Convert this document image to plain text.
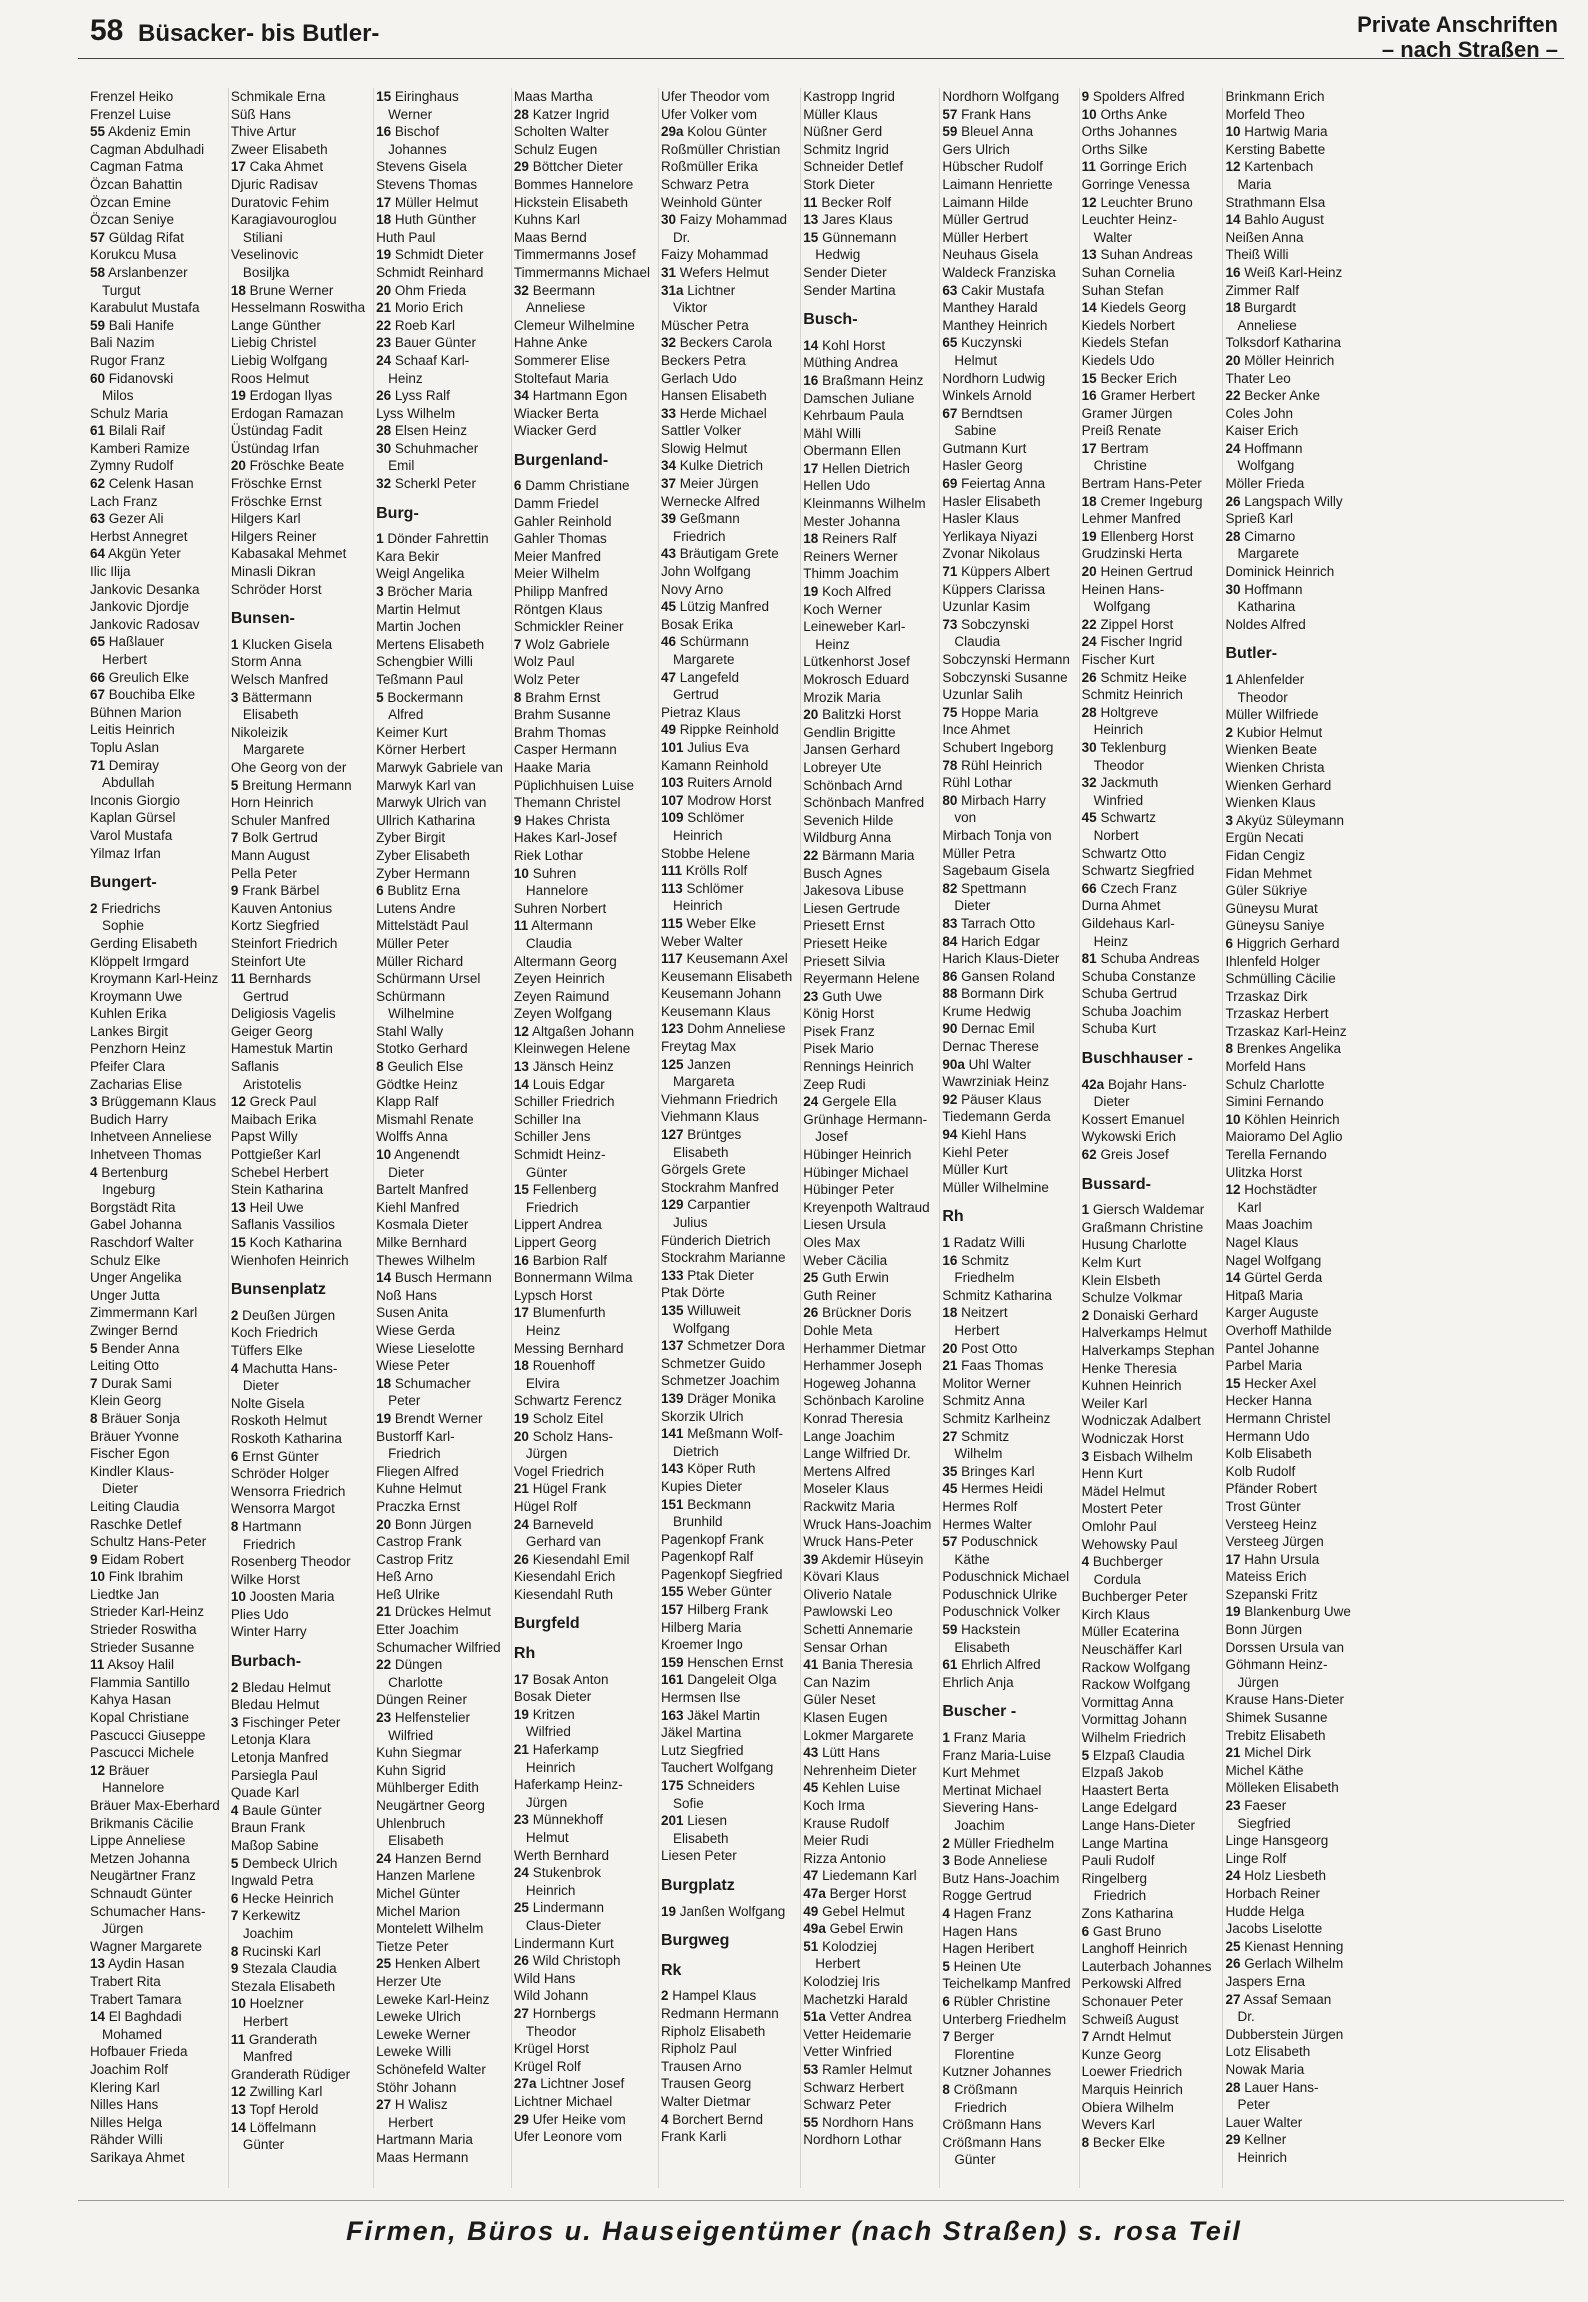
58 Büsacker- bis Butler-	Private Anschriften
– nach Straßen –
Frenzel Heiko
Frenzel Luise
55 Akdeniz Emin
Cagman Abdulhadi
Cagman Fatma
Özcan Bahattin
Özcan Emine
Özcan Seniye
57 Güldag Rifat
Korukcu Musa
58 Arslanbenzer
Turgut
Karabulut Mustafa
59 Bali Hanife
Bali Nazim
Rugor Franz
60 Fidanovski
Milos
Schulz Maria
61 Bilali Raif
Kamberi Ramize
Zymny Rudolf
62 Celenk Hasan
Lach Franz
63 Gezer Ali
Herbst Annegret
64 Akgün Yeter
Ilic Ilija
Jankovic Desanka
Jankovic Djordje
Jankovic Radosav
65 Haßlauer
Herbert
66 Greulich Elke
67 Bouchiba Elke
Bühnen Marion
Leitis Heinrich
Toplu Aslan
71 Demiray
Abdullah
Inconis Giorgio
Kaplan Gürsel
Varol Mustafa
Yilmaz Irfan
Bungert-
2 Friedrichs
Sophie
Gerding Elisabeth
Klöppelt Irmgard
Kroymann Karl-Heinz
Kroymann Uwe
Kuhlen Erika
Lankes Birgit
Penzhorn Heinz
Pfeifer Clara
Zacharias Elise
3 Brüggemann Klaus
Budich Harry
Inhetveen Anneliese
Inhetveen Thomas
4 Bertenburg
Ingeburg
Borgstädt Rita
Gabel Johanna
Raschdorf Walter
Schulz Elke
Unger Angelika
Unger Jutta
Zimmermann Karl
Zwinger Bernd
5 Bender Anna
Leiting Otto
7 Durak Sami
Klein Georg
8 Bräuer Sonja
Bräuer Yvonne
Fischer Egon
Kindler Klaus-
Dieter
Leiting Claudia
Raschke Detlef
Schultz Hans-Peter
9 Eidam Robert
10 Fink Ibrahim
Liedtke Jan
Strieder Karl-Heinz
Strieder Roswitha
Strieder Susanne
11 Aksoy Halil
Flammia Santillo
Kahya Hasan
Kopal Christiane
Pascucci Giuseppe
Pascucci Michele
12 Bräuer
Hannelore
Bräuer Max-Eberhard
Brikmanis Cäcilie
Lippe Anneliese
Metzen Johanna
Neugärtner Franz
Schnaudt Günter
Schumacher Hans-
Jürgen
Wagner Margarete
13 Aydin Hasan
Trabert Rita
Trabert Tamara
14 El Baghdadi
Mohamed
Hofbauer Frieda
Joachim Rolf
Klering Karl
Nilles Hans
Nilles Helga
Rähder Willi
Sarikaya Ahmet
Schmikale Erna
Süß Hans
Thive Artur
Zweer Elisabeth
17 Caka Ahmet
Djuric Radisav
Duratovic Fehim
Karagiavouroglou
Stiliani
Veselinovic
Bosiljka
18 Brune Werner
Hesselmann Roswitha
Lange Günther
Liebig Christel
Liebig Wolfgang
Roos Helmut
19 Erdogan Ilyas
Erdogan Ramazan
Üstündag Fadit
Üstündag Irfan
20 Fröschke Beate
Fröschke Ernst
Fröschke Ernst
Hilgers Karl
Hilgers Reiner
Kabasakal Mehmet
Minasli Dikran
Schröder Horst
Bunsen-
1 Klucken Gisela
Storm Anna
Welsch Manfred
3 Bättermann
Elisabeth
Nikoleizik
Margarete
Ohe Georg von der
5 Breitung Hermann
Horn Heinrich
Schuler Manfred
7 Bolk Gertrud
Mann August
Pella Peter
9 Frank Bärbel
Kauven Antonius
Kortz Siegfried
Steinfort Friedrich
Steinfort Ute
11 Bernhards
Gertrud
Deligiosis Vagelis
Geiger Georg
Hamestuk Martin
Saflanis
Aristotelis
12 Greck Paul
Maibach Erika
Papst Willy
Pottgießer Karl
Schebel Herbert
Stein Katharina
13 Heil Uwe
Saflanis Vassilios
15 Koch Katharina
Wienhofen Heinrich
Bunsenplatz
2 Deußen Jürgen
Koch Friedrich
Tüffers Elke
4 Machutta Hans-
Dieter
Nolte Gisela
Roskoth Helmut
Roskoth Katharina
6 Ernst Günter
Schröder Holger
Wensorra Friedrich
Wensorra Margot
8 Hartmann
Friedrich
Rosenberg Theodor
Wilke Horst
10 Joosten Maria
Plies Udo
Winter Harry
Burbach-
2 Bledau Helmut
Bledau Helmut
3 Fischinger Peter
Letonja Klara
Letonja Manfred
Parsiegla Paul
Quade Karl
4 Baule Günter
Braun Frank
Maßop Sabine
5 Dembeck Ulrich
Ingwald Petra
6 Hecke Heinrich
7 Kerkewitz
Joachim
8 Rucinski Karl
9 Stezala Claudia
Stezala Elisabeth
10 Hoelzner
Herbert
11 Granderath
Manfred
Granderath Rüdiger
12 Zwilling Karl
13 Topf Herold
14 Löffelmann
Günter
15 Eiringhaus
Werner
16 Bischof
Johannes
Stevens Gisela
Stevens Thomas
17 Müller Helmut
18 Huth Günther
Huth Paul
19 Schmidt Dieter
Schmidt Reinhard
20 Ohm Frieda
21 Morio Erich
22 Roeb Karl
23 Bauer Günter
24 Schaaf Karl-
Heinz
26 Lyss Ralf
Lyss Wilhelm
28 Elsen Heinz
30 Schuhmacher
Emil
32 Scherkl Peter
Burg-
1 Dönder Fahrettin
Kara Bekir
Weigl Angelika
3 Bröcher Maria
Martin Helmut
Martin Jochen
Mertens Elisabeth
Schengbier Willi
Teßmann Paul
5 Bockermann
Alfred
Keimer Kurt
Körner Herbert
Marwyk Gabriele van
Marwyk Karl van
Marwyk Ulrich van
Ullrich Katharina
Zyber Birgit
Zyber Elisabeth
Zyber Hermann
6 Bublitz Erna
Lutens Andre
Mittelstädt Paul
Müller Peter
Müller Richard
Schürmann Ursel
Schürmann
Wilhelmine
Stahl Wally
Stotko Gerhard
8 Geulich Else
Gödtke Heinz
Klapp Ralf
Mismahl Renate
Wolffs Anna
10 Angenendt
Dieter
Bartelt Manfred
Kiehl Manfred
Kosmala Dieter
Milke Bernhard
Thewes Wilhelm
14 Busch Hermann
Noß Hans
Susen Anita
Wiese Gerda
Wiese Lieselotte
Wiese Peter
18 Schumacher
Peter
19 Brendt Werner
Bustorff Karl-
Friedrich
Fliegen Alfred
Kuhne Helmut
Praczka Ernst
20 Bonn Jürgen
Castrop Frank
Castrop Fritz
Heß Arno
Heß Ulrike
21 Drückes Helmut
Etter Joachim
Schumacher Wilfried
22 Düngen
Charlotte
Düngen Reiner
23 Helfenstelier
Wilfried
Kuhn Siegmar
Kuhn Sigrid
Mühlberger Edith
Neugärtner Georg
Uhlenbruch
Elisabeth
24 Hanzen Bernd
Hanzen Marlene
Michel Günter
Michel Marion
Montelett Wilhelm
Tietze Peter
25 Henken Albert
Herzer Ute
Leweke Karl-Heinz
Leweke Ulrich
Leweke Werner
Leweke Willi
Schönefeld Walter
Stöhr Johann
27 H Walisz
Herbert
Hartmann Maria
Maas Hermann
Maas Martha
28 Katzer Ingrid
Scholten Walter
Schulz Eugen
29 Böttcher Dieter
Bommes Hannelore
Hickstein Elisabeth
Kuhns Karl
Maas Bernd
Timmermanns Josef
Timmermanns Michael
32 Beermann
Anneliese
Clemeur Wilhelmine
Hahne Anke
Sommerer Elise
Stoltefaut Maria
34 Hartmann Egon
Wiacker Berta
Wiacker Gerd
Burgenland-
6 Damm Christiane
Damm Friedel
Gahler Reinhold
Gahler Thomas
Meier Manfred
Meier Wilhelm
Philipp Manfred
Röntgen Klaus
Schmickler Reiner
7 Wolz Gabriele
Wolz Paul
Wolz Peter
8 Brahm Ernst
Brahm Susanne
Brahm Thomas
Casper Hermann
Haake Maria
Püplichhuisen Luise
Themann Christel
9 Hakes Christa
Hakes Karl-Josef
Riek Lothar
10 Suhren
Hannelore
Suhren Norbert
11 Altermann
Claudia
Altermann Georg
Zeyen Heinrich
Zeyen Raimund
Zeyen Wolfgang
12 Altgaßen Johann
Kleinwegen Helene
13 Jänsch Heinz
14 Louis Edgar
Schiller Friedrich
Schiller Ina
Schiller Jens
Schmidt Heinz-
Günter
15 Fellenberg
Friedrich
Lippert Andrea
Lippert Georg
16 Barbion Ralf
Bonnermann Wilma
Lypsch Horst
17 Blumenfurth
Heinz
Messing Bernhard
18 Rouenhoff
Elvira
Schwartz Ferencz
19 Scholz Eitel
20 Scholz Hans-
Jürgen
Vogel Friedrich
21 Hügel Frank
Hügel Rolf
24 Barneveld
Gerhard van
26 Kiesendahl Emil
Kiesendahl Erich
Kiesendahl Ruth
Burgfeld
Rh
17 Bosak Anton
Bosak Dieter
19 Kritzen
Wilfried
21 Haferkamp
Heinrich
Haferkamp Heinz-
Jürgen
23 Münnekhoff
Helmut
Werth Bernhard
24 Stukenbrok
Heinrich
25 Lindermann
Claus-Dieter
Lindermann Kurt
26 Wild Christoph
Wild Hans
Wild Johann
27 Hornbergs
Theodor
Krügel Horst
Krügel Rolf
27a Lichtner Josef
Lichtner Michael
29 Ufer Heike vom
Ufer Leonore vom
Ufer Theodor vom
Ufer Volker vom
29a Kolou Günter
Roßmüller Christian
Roßmüller Erika
Schwarz Petra
Weinhold Günter
30 Faizy Mohammad
Dr.
Faizy Mohammad
31 Wefers Helmut
31a Lichtner
Viktor
Müscher Petra
32 Beckers Carola
Beckers Petra
Gerlach Udo
Hansen Elisabeth
33 Herde Michael
Sattler Volker
Slowig Helmut
34 Kulke Dietrich
37 Meier Jürgen
Wernecke Alfred
39 Geßmann
Friedrich
43 Bräutigam Grete
John Wolfgang
Novy Arno
45 Lützig Manfred
Bosak Erika
46 Schürmann
Margarete
47 Langefeld
Gertrud
Pietraz Klaus
49 Rippke Reinhold
101 Julius Eva
Kamann Reinhold
103 Ruiters Arnold
107 Modrow Horst
109 Schlömer
Heinrich
Stobbe Helene
111 Krölls Rolf
113 Schlömer
Heinrich
115 Weber Elke
Weber Walter
117 Keusemann Axel
Keusemann Elisabeth
Keusemann Johann
Keusemann Klaus
123 Dohm Anneliese
Freytag Max
125 Janzen
Margareta
Viehmann Friedrich
Viehmann Klaus
127 Brüntges
Elisabeth
Görgels Grete
Stockrahm Manfred
129 Carpantier
Julius
Fünderich Dietrich
Stockrahm Marianne
133 Ptak Dieter
Ptak Dörte
135 Willuweit
Wolfgang
137 Schmetzer Dora
Schmetzer Guido
Schmetzer Joachim
139 Dräger Monika
Skorzik Ulrich
141 Meßmann Wolf-
Dietrich
143 Köper Ruth
Kupies Dieter
151 Beckmann
Brunhild
Pagenkopf Frank
Pagenkopf Ralf
Pagenkopf Siegfried
155 Weber Günter
157 Hilberg Frank
Hilberg Maria
Kroemer Ingo
159 Henschen Ernst
161 Dangeleit Olga
Hermsen Ilse
163 Jäkel Martin
Jäkel Martina
Lutz Siegfried
Tauchert Wolfgang
175 Schneiders
Sofie
201 Liesen
Elisabeth
Liesen Peter
Burgplatz
19 Janßen Wolfgang
Burgweg
Rk
2 Hampel Klaus
Redmann Hermann
Ripholz Elisabeth
Ripholz Paul
Trausen Arno
Trausen Georg
Walter Dietmar
4 Borchert Bernd
Frank Karli
Kastropp Ingrid
Müller Klaus
Nüßner Gerd
Schmitz Ingrid
Schneider Detlef
Stork Dieter
11 Becker Rolf
13 Jares Klaus
15 Günnemann
Hedwig
Sender Dieter
Sender Martina
Busch-
14 Kohl Horst
Müthing Andrea
16 Braßmann Heinz
Damschen Juliane
Kehrbaum Paula
Mähl Willi
Obermann Ellen
17 Hellen Dietrich
Hellen Udo
Kleinmanns Wilhelm
Mester Johanna
18 Reiners Ralf
Reiners Werner
Thimm Joachim
19 Koch Alfred
Koch Werner
Leineweber Karl-
Heinz
Lütkenhorst Josef
Mokrosch Eduard
Mrozik Maria
20 Balitzki Horst
Gendlin Brigitte
Jansen Gerhard
Lobreyer Ute
Schönbach Arnd
Schönbach Manfred
Sevenich Hilde
Wildburg Anna
22 Bärmann Maria
Busch Agnes
Jakesova Libuse
Liesen Gertrude
Priesett Ernst
Priesett Heike
Priesett Silvia
Reyermann Helene
23 Guth Uwe
König Horst
Pisek Franz
Pisek Mario
Rennings Heinrich
Zeep Rudi
24 Gergele Ella
Grünhage Hermann-
Josef
Hübinger Heinrich
Hübinger Michael
Hübinger Peter
Kreyenpoth Waltraud
Liesen Ursula
Oles Max
Weber Cäcilia
25 Guth Erwin
Guth Reiner
26 Brückner Doris
Dohle Meta
Herhammer Dietmar
Herhammer Joseph
Hogeweg Johanna
Schönbach Karoline
Konrad Theresia
Lange Joachim
Lange Wilfried Dr.
Mertens Alfred
Moseler Klaus
Rackwitz Maria
Wruck Hans-Joachim
Wruck Hans-Peter
39 Akdemir Hüseyin
Kövari Klaus
Oliverio Natale
Pawlowski Leo
Schetti Annemarie
Sensar Orhan
41 Bania Theresia
Can Nazim
Güler Neset
Klasen Eugen
Lokmer Margarete
43 Lütt Hans
Nehrenheim Dieter
45 Kehlen Luise
Koch Irma
Krause Rudolf
Meier Rudi
Rizza Antonio
47 Liedemann Karl
47a Berger Horst
49 Gebel Helmut
49a Gebel Erwin
51 Kolodziej
Herbert
Kolodziej Iris
Machetzki Harald
51a Vetter Andrea
Vetter Heidemarie
Vetter Winfried
53 Ramler Helmut
Schwarz Herbert
Schwarz Peter
55 Nordhorn Hans
Nordhorn Lothar
Nordhorn Wolfgang
57 Frank Hans
59 Bleuel Anna
Gers Ulrich
Hübscher Rudolf
Laimann Henriette
Laimann Hilde
Müller Gertrud
Müller Herbert
Neuhaus Gisela
Waldeck Franziska
63 Cakir Mustafa
Manthey Harald
Manthey Heinrich
65 Kuczynski
Helmut
Nordhorn Ludwig
Winkels Arnold
67 Berndtsen
Sabine
Gutmann Kurt
Hasler Georg
69 Feiertag Anna
Hasler Elisabeth
Hasler Klaus
Yerlikaya Niyazi
Zvonar Nikolaus
71 Küppers Albert
Küppers Clarissa
Uzunlar Kasim
73 Sobczynski
Claudia
Sobczynski Hermann
Sobczynski Susanne
Uzunlar Salih
75 Hoppe Maria
Ince Ahmet
Schubert Ingeborg
78 Rühl Heinrich
Rühl Lothar
80 Mirbach Harry
von
Mirbach Tonja von
Müller Petra
Sagebaum Gisela
82 Spettmann
Dieter
83 Tarrach Otto
84 Harich Edgar
Harich Klaus-Dieter
86 Gansen Roland
88 Bormann Dirk
Krume Hedwig
90 Dernac Emil
Dernac Therese
90a Uhl Walter
Wawrziniak Heinz
92 Päuser Klaus
Tiedemann Gerda
94 Kiehl Hans
Kiehl Peter
Müller Kurt
Müller Wilhelmine
Rh
1 Radatz Willi
16 Schmitz
Friedhelm
Schmitz Katharina
18 Neitzert
Herbert
20 Post Otto
21 Faas Thomas
Molitor Werner
Schmitz Anna
Schmitz Karlheinz
27 Schmitz
Wilhelm
35 Bringes Karl
45 Hermes Heidi
Hermes Rolf
Hermes Walter
57 Poduschnick
Käthe
Poduschnick Michael
Poduschnick Ulrike
Poduschnick Volker
59 Hackstein
Elisabeth
61 Ehrlich Alfred
Ehrlich Anja
Buscher -
1 Franz Maria
Franz Maria-Luise
Kurt Mehmet
Mertinat Michael
Sievering Hans-
Joachim
2 Müller Friedhelm
3 Bode Anneliese
Butz Hans-Joachim
Rogge Gertrud
4 Hagen Franz
Hagen Hans
Hagen Heribert
5 Heinen Ute
Teichelkamp Manfred
6 Rübler Christine
Unterberg Friedhelm
7 Berger
Florentine
Kutzner Johannes
8 Crößmann
Friedrich
Crößmann Hans
Crößmann Hans
Günter
9 Spolders Alfred
10 Orths Anke
Orths Johannes
Orths Silke
11 Gorringe Erich
Gorringe Venessa
12 Leuchter Bruno
Leuchter Heinz-
Walter
13 Suhan Andreas
Suhan Cornelia
Suhan Stefan
14 Kiedels Georg
Kiedels Norbert
Kiedels Stefan
Kiedels Udo
15 Becker Erich
16 Gramer Herbert
Gramer Jürgen
Preiß Renate
17 Bertram
Christine
Bertram Hans-Peter
18 Cremer Ingeburg
Lehmer Manfred
19 Ellenberg Horst
Grudzinski Herta
20 Heinen Gertrud
Heinen Hans-
Wolfgang
22 Zippel Horst
24 Fischer Ingrid
Fischer Kurt
26 Schmitz Heike
Schmitz Heinrich
28 Holtgreve
Heinrich
30 Teklenburg
Theodor
32 Jackmuth
Winfried
45 Schwartz
Norbert
Schwartz Otto
Schwartz Siegfried
66 Czech Franz
Durna Ahmet
Gildehaus Karl-
Heinz
81 Schuba Andreas
Schuba Constanze
Schuba Gertrud
Schuba Joachim
Schuba Kurt
Buschhauser -
42a Bojahr Hans-
Dieter
Kossert Emanuel
Wykowski Erich
62 Greis Josef
Bussard-
1 Giersch Waldemar
Graßmann Christine
Husung Charlotte
Kelm Kurt
Klein Elsbeth
Schulze Volkmar
2 Donaiski Gerhard
Halverkamps Helmut
Halverkamps Stephan
Henke Theresia
Kuhnen Heinrich
Weiler Karl
Wodniczak Adalbert
Wodniczak Horst
3 Eisbach Wilhelm
Henn Kurt
Mädel Helmut
Mostert Peter
Omlohr Paul
Wehowsky Paul
4 Buchberger
Cordula
Buchberger Peter
Kirch Klaus
Müller Ecaterina
Neuschäffer Karl
Rackow Wolfgang
Rackow Wolfgang
Vormittag Anna
Vormittag Johann
Wilhelm Friedrich
5 Elzpaß Claudia
Elzpaß Jakob
Haastert Berta
Lange Edelgard
Lange Hans-Dieter
Lange Martina
Pauli Rudolf
Ringelberg
Friedrich
Zons Katharina
6 Gast Bruno
Langhoff Heinrich
Lauterbach Johannes
Perkowski Alfred
Schonauer Peter
Schweiß August
7 Arndt Helmut
Kunze Georg
Loewer Friedrich
Marquis Heinrich
Obiera Wilhelm
Wevers Karl
8 Becker Elke
Brinkmann Erich
Morfeld Theo
10 Hartwig Maria
Kersting Babette
12 Kartenbach
Maria
Strathmann Elsa
14 Bahlo August
Neißen Anna
Theiß Willi
16 Weiß Karl-Heinz
Zimmer Ralf
18 Burgardt
Anneliese
Tolksdorf Katharina
20 Möller Heinrich
Thater Leo
22 Becker Anke
Coles John
Kaiser Erich
24 Hoffmann
Wolfgang
Möller Frieda
26 Langspach Willy
Sprieß Karl
28 Cimarno
Margarete
Dominick Heinrich
30 Hoffmann
Katharina
Noldes Alfred
Butler-
1 Ahlenfelder
Theodor
Müller Wilfriede
2 Kubior Helmut
Wienken Beate
Wienken Christa
Wienken Gerhard
Wienken Klaus
3 Akyüz Süleymann
Ergün Necati
Fidan Cengiz
Fidan Mehmet
Güler Sükriye
Güneysu Murat
Güneysu Saniye
6 Higgrich Gerhard
Ihlenfeld Holger
Schmülling Cäcilie
Trzaskaz Dirk
Trzaskaz Herbert
Trzaskaz Karl-Heinz
8 Brenkes Angelika
Morfeld Hans
Schulz Charlotte
Simini Fernando
10 Köhlen Heinrich
Maioramo Del Aglio
Terella Fernando
Ulitzka Horst
12 Hochstädter
Karl
Maas Joachim
Nagel Klaus
Nagel Wolfgang
14 Gürtel Gerda
Hitpaß Maria
Karger Auguste
Overhoff Mathilde
Pantel Johanne
Parbel Maria
15 Hecker Axel
Hecker Hanna
Hermann Christel
Hermann Udo
Kolb Elisabeth
Kolb Rudolf
Pfänder Robert
Trost Günter
Versteeg Heinz
Versteeg Jürgen
17 Hahn Ursula
Mateiss Erich
Szepanski Fritz
19 Blankenburg Uwe
Bonn Jürgen
Dorssen Ursula van
Göhmann Heinz-
Jürgen
Krause Hans-Dieter
Shimek Susanne
Trebitz Elisabeth
21 Michel Dirk
Michel Käthe
Mölleken Elisabeth
23 Faeser
Siegfried
Linge Hansgeorg
Linge Rolf
24 Holz Liesbeth
Horbach Reiner
Hudde Helga
Jacobs Liselotte
25 Kienast Henning
26 Gerlach Wilhelm
Jaspers Erna
27 Assaf Semaan
Dr.
Dubberstein Jürgen
Lotz Elisabeth
Nowak Maria
28 Lauer Hans-
Peter
Lauer Walter
29 Kellner
Heinrich
Firmen, Büros u. Hauseigentümer (nach Straßen) s. rosa Teil
